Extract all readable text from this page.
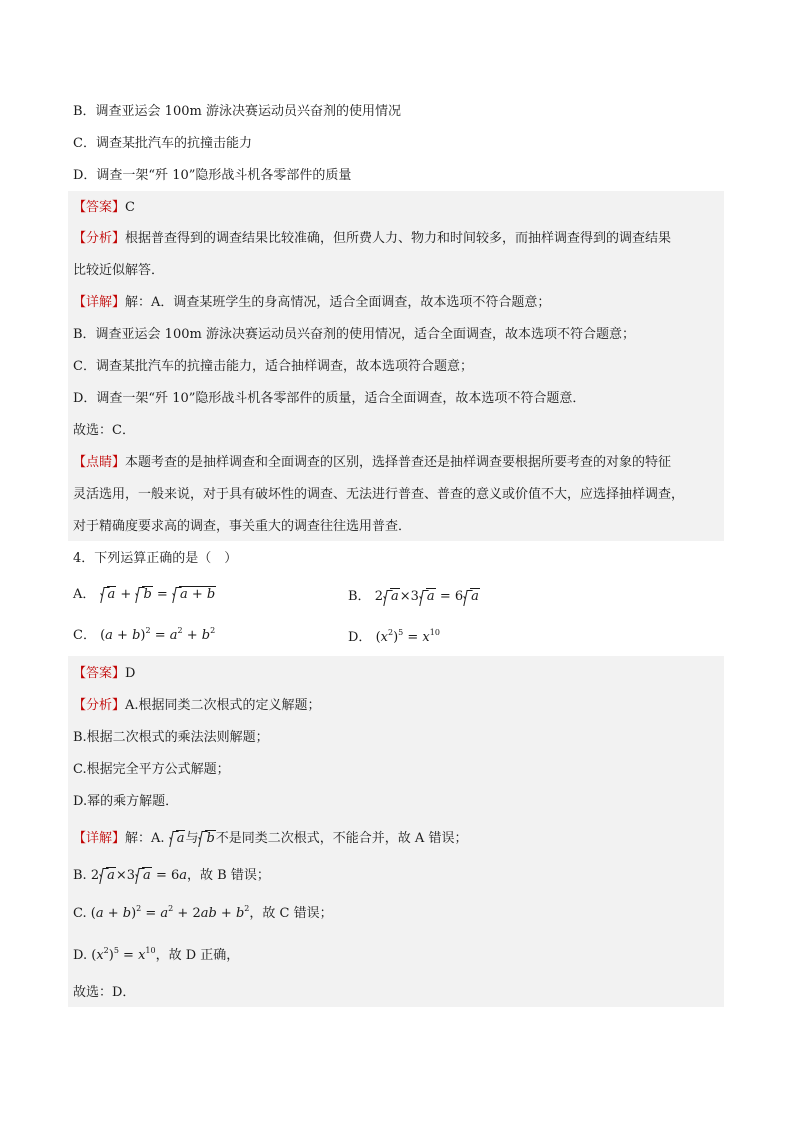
B．调查亚运会 100m 游泳决赛运动员兴奋剂的使用情况
C．调查某批汽车的抗撞击能力
D．调查一架“歼 10”隐形战斗机各零部件的质量
【答案】C
【分析】根据普查得到的调查结果比较准确，但所费人力、物力和时间较多，而抽样调查得到的调查结果
比较近似解答．
【详解】解：A．调查某班学生的身高情况，适合全面调查，故本选项不符合题意；
B．调查亚运会 100m 游泳决赛运动员兴奋剂的使用情况，适合全面调查，故本选项不符合题意；
C．调查某批汽车的抗撞击能力，适合抽样调查，故本选项符合题意；
D．调查一架“歼 10”隐形战斗机各零部件的质量，适合全面调查，故本选项不符合题意．
故选：C．
【点睛】本题考查的是抽样调查和全面调查的区别，选择普查还是抽样调查要根据所要考查的对象的特征
灵活选用，一般来说，对于具有破坏性的调查、无法进行普查、普查的意义或价值不大，应选择抽样调查，
对于精确度要求高的调查，事关重大的调查往往选用普查．
4．下列运算正确的是（　）
A． a + b = a + b	B． 2 a×3 a = 6 a
C． $(a + b)^2 = a^2 + b^2$	D． $(x^2)^5 = x^{10}$
【答案】D
【分析】A.根据同类二次根式的定义解题；
B.根据二次根式的乘法法则解题；
C.根据完全平方公式解题；
D.幂的乘方解题．
【详解】解：A. a与 b不是同类二次根式，不能合并，故 A 错误；
B. 2 a×3 a = 6a，故 B 错误；
C. $(a + b)^2 = a^2 + 2ab + b^2$，故 C 错误；
D. $(x^2)^5 = x^{10}$，故 D 正确，
故选：D．
